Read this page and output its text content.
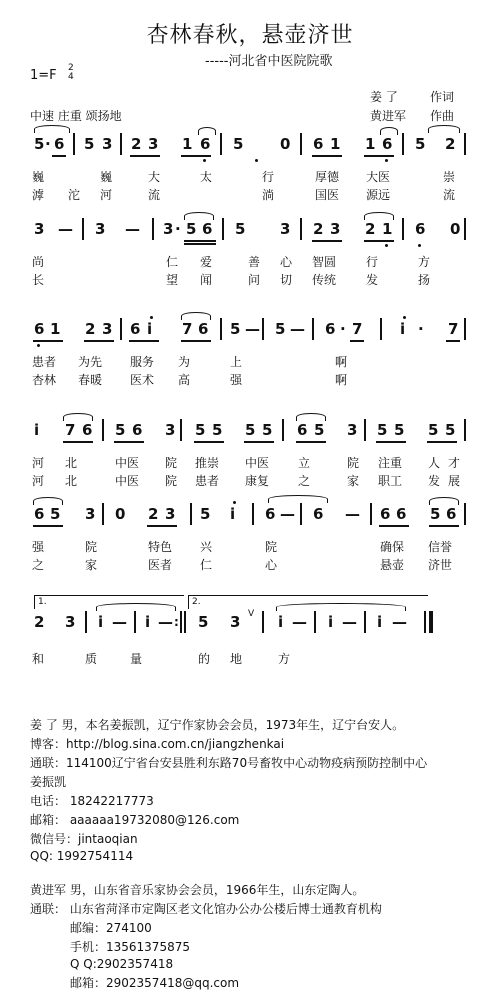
杏林春秋，悬壶济世
-----河北省中医院院歌
1=F 2
4
姜 了	作词
中速 庄重 颂扬地	黄进军 作曲
5 · 6 5 3 2 3 1 6 5 0 6 1 1 6 5 2
巍	巍	大	太	行	厚德 大医	崇
滹 沱 河	流	淌	国医 源远	流
3 — 3 — 3 · 5 6 5 3 2 3 2 1 6 0
尚	仁 爱	善 心 智圆 行	方
长	望 闻	问 切 传统 发	扬
6 1 2 3 6 i 7 6 5 — 5 — 6 · 7	i · 7
患者 为先 服务 为	上	啊
杏林 春暖 医术 高	强	啊
i 7 6 5 6 3 5 5 5 5 6 5 3 5 5 5 5
河 北	中医 院 推崇 中医 立	院 注重 人 才
河 北	中医 院 患者 康复 之	家 职工 发 展
6 5 3 0 2 3 5 i 6 — 6 — 6 6 5 6
强	院	特色 兴	院	确保 信誉
之	家	医者 仁	心	悬壶 济世
1.	2.
2 3 i — i — : 5 3 V i — i — i —
和	质	量	的 地	方
姜 了 男，本名姜振凯，辽宁作家协会会员，1973年生，辽宁台安人。
博客：http://blog.sina.com.cn/jiangzhenkai
通联：114100辽宁省台安县胜利东路70号畜牧中心动物疫病预防控制中心
姜振凯
电话： 18242217773
邮箱： aaaaaa19732080@126.com
微信号：jintaoqian
QQ: 1992754114
黄进军 男，山东省音乐家协会会员，1966年生，山东定陶人。
通联： 山东省菏泽市定陶区老文化馆办公办公楼后博士通教育机构
邮编：274100
手机：13561375875
Q Q:2902357418
邮箱：2902357418@qq.com
